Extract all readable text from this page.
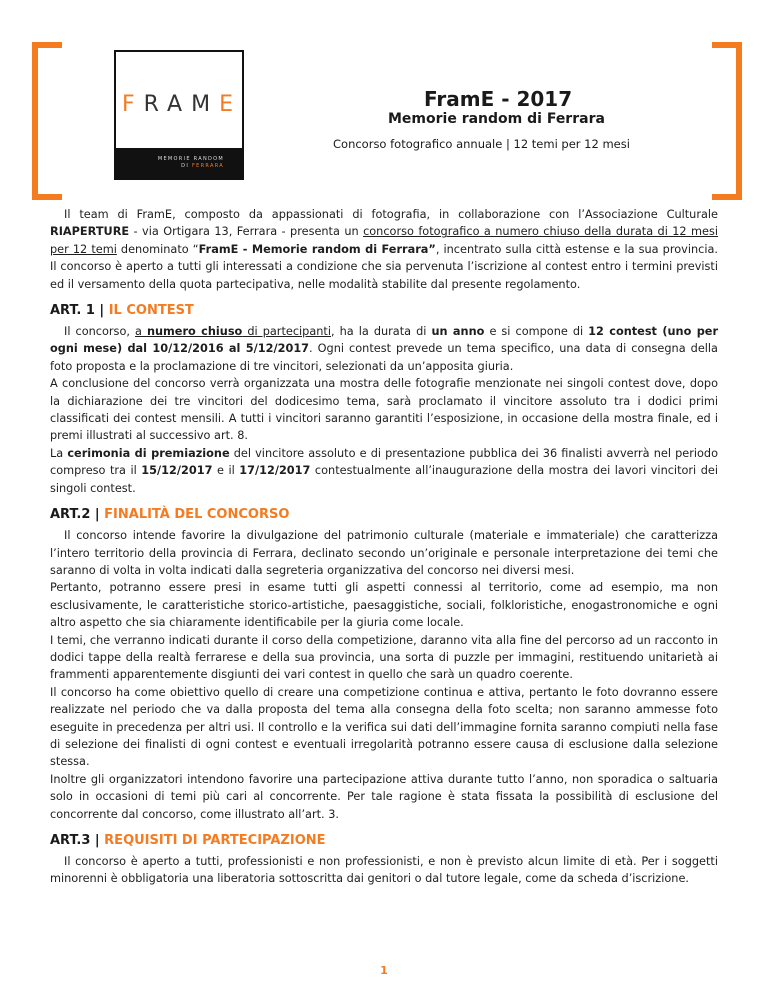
FRAME
MEMORIE RANDOM
DI FERRARA
FramE - 2017
Memorie random di Ferrara
Concorso fotografico annuale | 12 temi per 12 mesi

Il team di FramE, composto da appassionati di fotografia, in collaborazione con l’Associazione Culturale RIAPERTURE - via Ortigara 13, Ferrara - presenta un concorso fotografico a numero chiuso della durata di 12 mesi per 12 temi denominato “FramE - Memorie random di Ferrara”, incentrato sulla città estense e la sua provincia. Il concorso è aperto a tutti gli interessati a condizione che sia pervenuta l’iscrizione al contest entro i termini previsti ed il versamento della quota partecipativa, nelle modalità stabilite dal presente regolamento.

ART. 1 | IL CONTEST

Il concorso, a numero chiuso di partecipanti, ha la durata di un anno e si compone di 12 contest (uno per ogni mese) dal 10/12/2016 al 5/12/2017. Ogni contest prevede un tema specifico, una data di consegna della foto proposta e la proclamazione di tre vincitori, selezionati da un’apposita giuria.

A conclusione del concorso verrà organizzata una mostra delle fotografie menzionate nei singoli contest dove, dopo la dichiarazione dei tre vincitori del dodicesimo tema, sarà proclamato il vincitore assoluto tra i dodici primi classificati dei contest mensili. A tutti i vincitori saranno garantiti l’esposizione, in occasione della mostra finale, ed i premi illustrati al successivo art. 8.

La cerimonia di premiazione del vincitore assoluto e di presentazione pubblica dei 36 finalisti avverrà nel periodo compreso tra il 15/12/2017 e il 17/12/2017 contestualmente all’inaugurazione della mostra dei lavori vincitori dei singoli contest.

ART.2 | FINALITÀ DEL CONCORSO

Il concorso intende favorire la divulgazione del patrimonio culturale (materiale e immateriale) che caratterizza l’intero territorio della provincia di Ferrara, declinato secondo un’originale e personale interpretazione dei temi che saranno di volta in volta indicati dalla segreteria organizzativa del concorso nei diversi mesi.

Pertanto, potranno essere presi in esame tutti gli aspetti connessi al territorio, come ad esempio, ma non esclusivamente, le caratteristiche storico-artistiche, paesaggistiche, sociali, folkloristiche, enogastronomiche e ogni altro aspetto che sia chiaramente identificabile per la giuria come locale.

I temi, che verranno indicati durante il corso della competizione, daranno vita alla fine del percorso ad un racconto in dodici tappe della realtà ferrarese e della sua provincia, una sorta di puzzle per immagini, restituendo unitarietà ai frammenti apparentemente disgiunti dei vari contest in quello che sarà un quadro coerente.

Il concorso ha come obiettivo quello di creare una competizione continua e attiva, pertanto le foto dovranno essere realizzate nel periodo che va dalla proposta del tema alla consegna della foto scelta; non saranno ammesse foto eseguite in precedenza per altri usi. Il controllo e la verifica sui dati dell’immagine fornita saranno compiuti nella fase di selezione dei finalisti di ogni contest e eventuali irregolarità potranno essere causa di esclusione dalla selezione stessa.

Inoltre gli organizzatori intendono favorire una partecipazione attiva durante tutto l’anno, non sporadica o saltuaria solo in occasioni di temi più cari al concorrente. Per tale ragione è stata fissata la possibilità di esclusione del concorrente dal concorso, come illustrato all’art. 3.

ART.3 | REQUISITI DI PARTECIPAZIONE

Il concorso è aperto a tutti, professionisti e non professionisti, e non è previsto alcun limite di età. Per i soggetti minorenni è obbligatoria una liberatoria sottoscritta dai genitori o dal tutore legale, come da scheda d’iscrizione.

1
